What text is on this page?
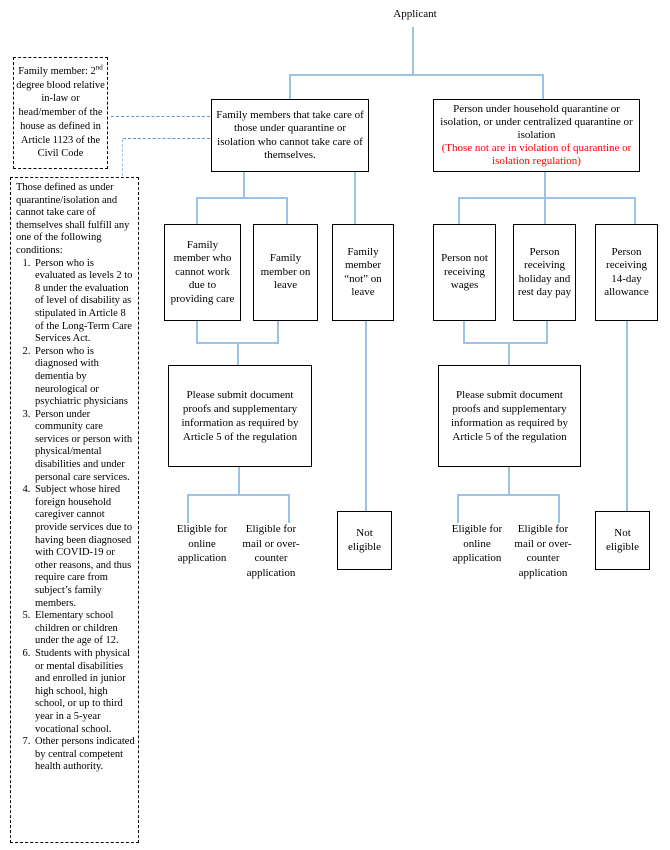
Applicant
Family member: 2nd degree blood relative in-law or head/member of the house as defined in Article 1123 of the Civil Code
Those defined as under quarantine/isolation and cannot take care of themselves shall fulfill any one of the following conditions:
1. Person who is evaluated as levels 2 to 8 under the evaluation of level of disability as stipulated in Article 8 of the Long-Term Care Services Act.
2. Person who is diagnosed with dementia by neurological or psychiatric physicians
3. Person under community care services or person with physical/mental disabilities and under personal care services.
4. Subject whose hired foreign household caregiver cannot provide services due to having been diagnosed with COVID-19 or other reasons, and thus require care from subject’s family members.
5. Elementary school children or children under the age of 12.
6. Students with physical or mental disabilities and enrolled in junior high school, high school, or up to third year in a 5-year vocational school.
7. Other persons indicated by central competent health authority.
Family members that take care of those under quarantine or isolation who cannot take care of themselves.
Person under household quarantine or isolation, or under centralized quarantine or isolation
(Those not are in violation of quarantine or isolation regulation)
Family member who cannot work due to providing care
Family member on leave
Family member “not” on leave
Person not receiving wages
Person receiving holiday and rest day pay
Person receiving 14-day allowance
Please submit document proofs and supplementary information as required by Article 5 of the regulation
Please submit document proofs and supplementary information as required by Article 5 of the regulation
Eligible for online application
Eligible for mail or over-counter application
Eligible for online application
Eligible for mail or over-counter application
Not eligible
Not eligible
